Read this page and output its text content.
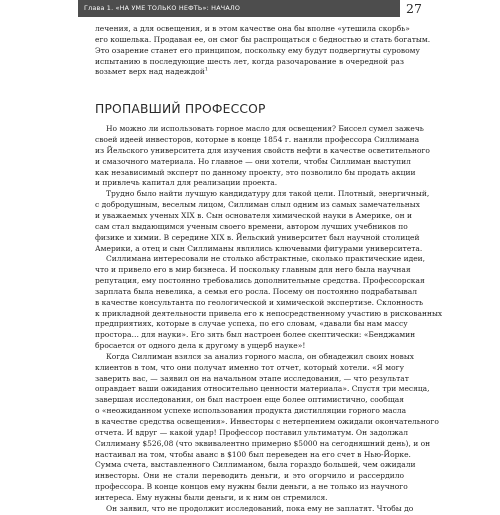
Глава 1. «НА УМЕ ТОЛЬКО НЕФТЬ»: НАЧАЛО	27
лечения, а для освещения, и в этом качестве она бы вполне «утешила скорбь»
его кошелька. Продавая ее, он смог бы распрощаться с бедностью и стать богатым.
Это озарение станет его принципом, поскольку ему будут подвергнуты суровому
испытанию в последующие шесть лет, когда разочарование в очередной раз
возьмет верх над надеждой$^1$
ПРОПАВШИЙ ПРОФЕССОР
Но можно ли использовать горное масло для освещения? Биссел сумел зажечь
своей идеей инвесторов, которые в конце 1854 г. наняли профессора Силлимана
из Йельского университета для изучения свойств нефти в качестве осветительного
и смазочного материала. Но главное — они хотели, чтобы Силлиман выступил
как независимый эксперт по данному проекту, это позволило бы продать акции
и привлечь капитал для реализации проекта.
Трудно было найти лучшую кандидатуру для такой цели. Плотный, энергичный,
с добродушным, веселым лицом, Силлиман слыл одним из самых замечательных
и уважаемых ученых XIX в. Сын основателя химической науки в Америке, он и
сам стал выдающимся ученым своего времени, автором лучших учебников по
физике и химии. В середине XIX в. Йельский университет был научной столицей
Америки, а отец и сын Силлиманы являлись ключевыми фигурами университета.
Силлимана интересовали не столько абстрактные, сколько практические идеи,
что и привело его в мир бизнеса. И поскольку главным для него была научная
репутация, ему постоянно требовались дополнительные средства. Профессорская
зарплата была невелика, а семья его росла. Посему он постоянно подрабатывал
в качестве консультанта по геологической и химической экспертизе. Склонность
к прикладной деятельности привела его к непосредственному участию в рискованных
предприятиях, которые в случае успеха, по его словам, «давали бы нам массу
простора… для науки». Его зять был настроен более скептически: «Бенджамин
бросается от одного дела к другому в ущерб науке»!
Когда Силлиман взялся за анализ горного масла, он обнадежил своих новых
клиентов в том, что они получат именно тот отчет, который хотели. «Я могу
заверить вас, — заявил он на начальном этапе исследования, — что результат
оправдает ваши ожидания относительно ценности материала». Спустя три месяца,
завершая исследования, он был настроен еще более оптимистично, сообщая
о «неожиданном успехе использования продукта дистилляции горного масла
в качестве средства освещения». Инвесторы с нетерпением ожидали окончательного
отчета. И вдруг — какой удар! Профессор поставил ультиматум. Он задолжал
Силлиману $526,08 (что эквивалентно примерно $5000 на сегодняшний день), и он
настаивал на том, чтобы аванс в $100 был переведен на его счет в Нью-Йорке.
Сумма счета, выставленного Силлиманом, была гораздо большей, чем ожидали
инвесторы. Они не стали переводить деньги, и это огорчило и рассердило
профессора. В конце концов ему нужны были деньги, а не только из научного
интереса. Ему нужны были деньги, и к ним он стремился.
Он заявил, что не продолжит исследований, пока ему не заплатят. Чтобы до
